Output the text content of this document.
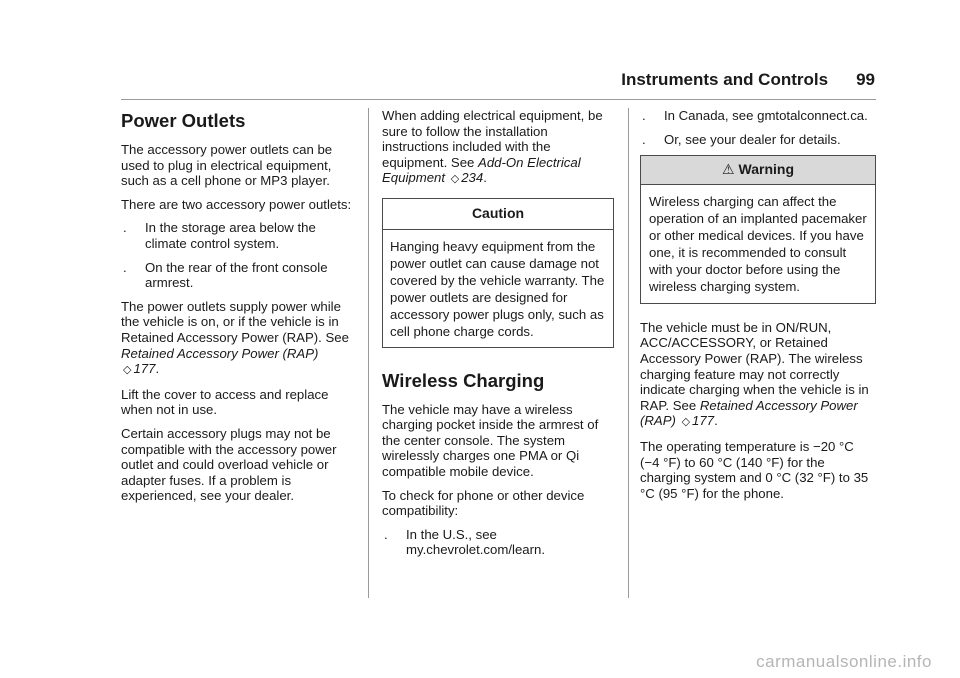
Instruments and Controls 99
Power Outlets

The accessory power outlets can be used to plug in electrical equipment, such as a cell phone or MP3 player.

There are two accessory power outlets:

.	In the storage area below the climate control system.
.	On the rear of the front console armrest.

The power outlets supply power while the vehicle is on, or if the vehicle is in Retained Accessory Power (RAP). See Retained Accessory Power (RAP) ◇ 177.

Lift the cover to access and replace when not in use.

Certain accessory plugs may not be compatible with the accessory power outlet and could overload vehicle or adapter fuses. If a problem is experienced, see your dealer.

When adding electrical equipment, be sure to follow the installation instructions included with the equipment. See Add-On Electrical Equipment ◇ 234.

Caution
Hanging heavy equipment from the power outlet can cause damage not covered by the vehicle warranty. The power outlets are designed for accessory power plugs only, such as cell phone charge cords.
Wireless Charging

The vehicle may have a wireless charging pocket inside the armrest of the center console. The system wirelessly charges one PMA or Qi compatible mobile device.

To check for phone or other device compatibility:

.	In the U.S., see my.chevrolet.com/learn.
.	In Canada, see gmtotalconnect.ca.
.	Or, see your dealer for details.
⚠ Warning
Wireless charging can affect the operation of an implanted pacemaker or other medical devices. If you have one, it is recommended to consult with your doctor before using the wireless charging system.

The vehicle must be in ON/RUN, ACC/ACCESSORY, or Retained Accessory Power (RAP). The wireless charging feature may not correctly indicate charging when the vehicle is in RAP. See Retained Accessory Power (RAP) ◇ 177.

The operating temperature is −20 °C (−4 °F) to 60 °C (140 °F) for the charging system and 0 °C (32 °F) to 35 °C (95 °F) for the phone.

carmanualsonline.info
